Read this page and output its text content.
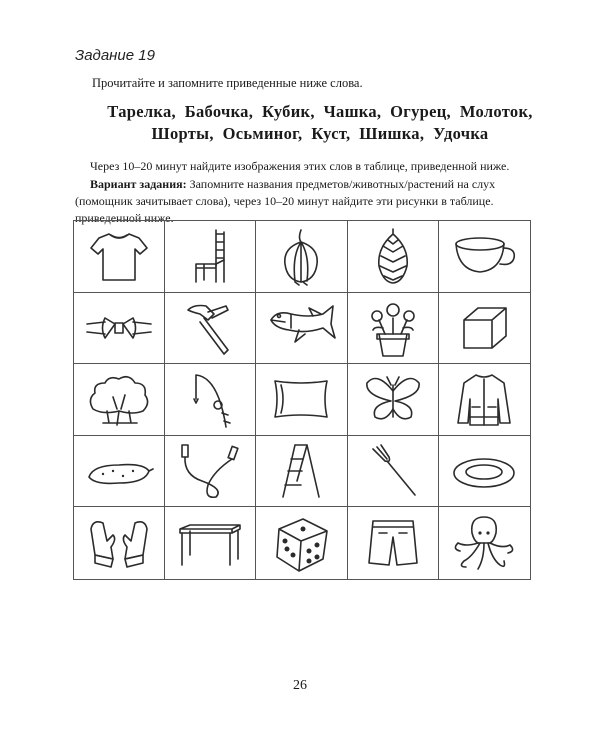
Задание 19
Прочитайте и запомните приведенные ниже слова.
Тарелка,  Бабочка,  Кубик,  Чашка,  Огурец,  Молоток,
Шорты,  Осьминог,  Куст,  Шишка,  Удочка
Через 10–20 минут найдите изображения этих слов в таблице, приведенной ниже.
Вариант задания: Запомните названия предметов/животных/растений на слух (помощник зачитывает слова), через 10–20 минут найдите эти рисунки в таблице. приведенной ниже.
26
